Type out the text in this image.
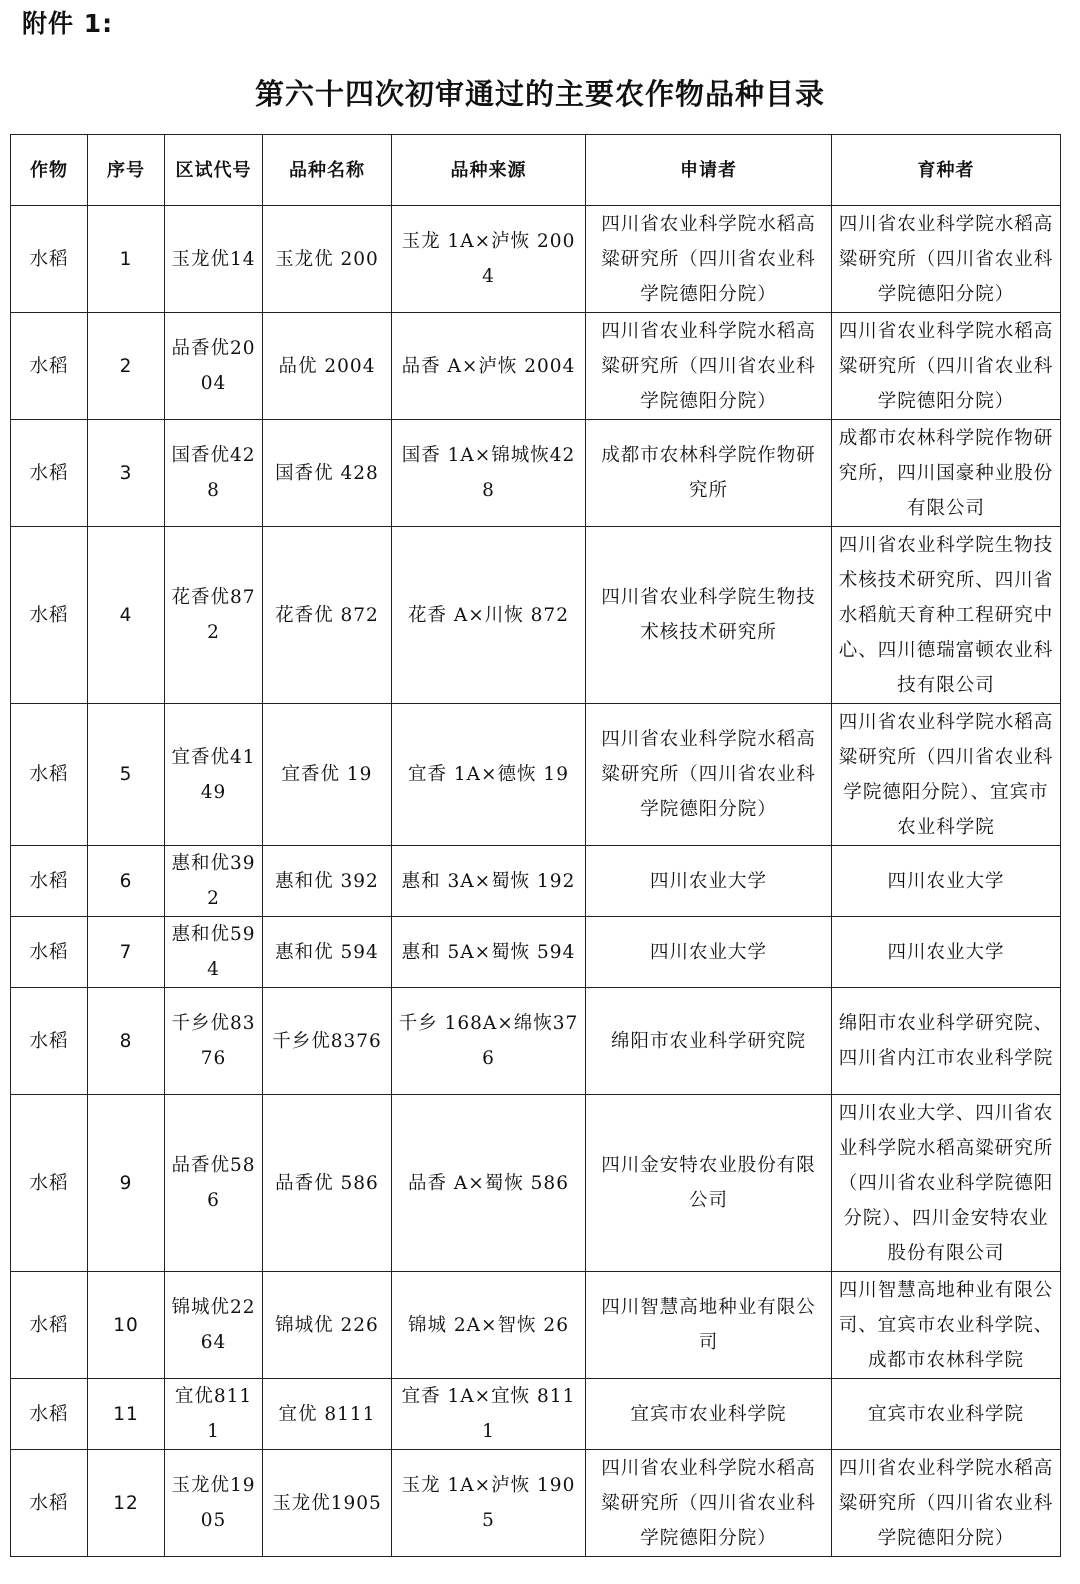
附件 1:
第六十四次初审通过的主要农作物品种目录
作物	序号	区试代号	品种名称	品种来源	申请者	育种者
水稻	1	玉龙优14	玉龙优 200	玉龙 1A×泸恢 2004	四川省农业科学院水稻高粱研究所（四川省农业科学院德阳分院）	四川省农业科学院水稻高粱研究所（四川省农业科学院德阳分院）
水稻	2	品香优2004	品优 2004	品香 A×泸恢 2004	四川省农业科学院水稻高粱研究所（四川省农业科学院德阳分院）	四川省农业科学院水稻高粱研究所（四川省农业科学院德阳分院）
水稻	3	国香优428	国香优 428	国香 1A×锦城恢428	成都市农林科学院作物研究所	成都市农林科学院作物研究所，四川国豪种业股份有限公司
水稻	4	花香优872	花香优 872	花香 A×川恢 872	四川省农业科学院生物技术核技术研究所	四川省农业科学院生物技术核技术研究所、四川省水稻航天育种工程研究中心、四川德瑞富顿农业科技有限公司
水稻	5	宜香优4149	宜香优 19	宜香 1A×德恢 19	四川省农业科学院水稻高粱研究所（四川省农业科学院德阳分院）	四川省农业科学院水稻高粱研究所（四川省农业科学院德阳分院）、宜宾市农业科学院
水稻	6	惠和优392	惠和优 392	惠和 3A×蜀恢 192	四川农业大学	四川农业大学
水稻	7	惠和优594	惠和优 594	惠和 5A×蜀恢 594	四川农业大学	四川农业大学
水稻	8	千乡优8376	千乡优8376	千乡 168A×绵恢376	绵阳市农业科学研究院	绵阳市农业科学研究院、四川省内江市农业科学院
水稻	9	品香优586	品香优 586	品香 A×蜀恢 586	四川金安特农业股份有限公司	四川农业大学、四川省农业科学院水稻高粱研究所（四川省农业科学院德阳分院）、四川金安特农业股份有限公司
水稻	10	锦城优2264	锦城优 226	锦城 2A×智恢 26	四川智慧高地种业有限公司	四川智慧高地种业有限公司、宜宾市农业科学院、成都市农林科学院
水稻	11	宜优8111	宜优 8111	宜香 1A×宜恢 8111	宜宾市农业科学院	宜宾市农业科学院
水稻	12	玉龙优1905	玉龙优1905	玉龙 1A×泸恢 1905	四川省农业科学院水稻高粱研究所（四川省农业科学院德阳分院）	四川省农业科学院水稻高粱研究所（四川省农业科学院德阳分院）
